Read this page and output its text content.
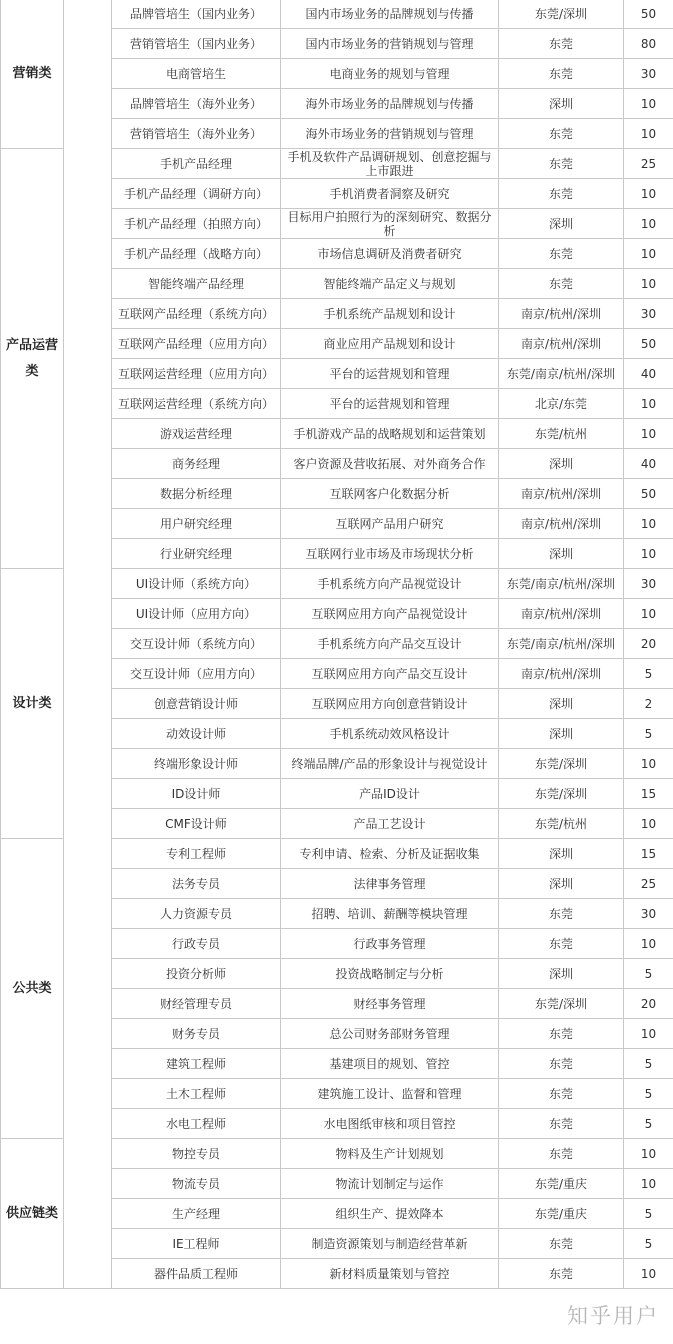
营销类		品牌管培生（国内业务）	国内市场业务的品牌规划与传播	东莞/深圳	50
		营销管培生（国内业务）	国内市场业务的营销规划与管理	东莞	80
		电商管培生	电商业务的规划与管理	东莞	30
		品牌管培生（海外业务）	海外市场业务的品牌规划与传播	深圳	10
		营销管培生（海外业务）	海外市场业务的营销规划与管理	东莞	10
产品运营类		手机产品经理	手机及软件产品调研规划、创意挖掘与上市跟进	东莞	25
		手机产品经理（调研方向）	手机消费者洞察及研究	东莞	10
		手机产品经理（拍照方向）	目标用户拍照行为的深刻研究、数据分析	深圳	10
		手机产品经理（战略方向）	市场信息调研及消费者研究	东莞	10
		智能终端产品经理	智能终端产品定义与规划	东莞	10
		互联网产品经理（系统方向）	手机系统产品规划和设计	南京/杭州/深圳	30
		互联网产品经理（应用方向）	商业应用产品规划和设计	南京/杭州/深圳	50
		互联网运营经理（应用方向）	平台的运营规划和管理	东莞/南京/杭州/深圳	40
		互联网运营经理（系统方向）	平台的运营规划和管理	北京/东莞	10
		游戏运营经理	手机游戏产品的战略规划和运营策划	东莞/杭州	10
		商务经理	客户资源及营收拓展、对外商务合作	深圳	40
		数据分析经理	互联网客户化数据分析	南京/杭州/深圳	50
		用户研究经理	互联网产品用户研究	南京/杭州/深圳	10
		行业研究经理	互联网行业市场及市场现状分析	深圳	10
设计类		UI设计师（系统方向）	手机系统方向产品视觉设计	东莞/南京/杭州/深圳	30
		UI设计师（应用方向）	互联网应用方向产品视觉设计	南京/杭州/深圳	10
		交互设计师（系统方向）	手机系统方向产品交互设计	东莞/南京/杭州/深圳	20
		交互设计师（应用方向）	互联网应用方向产品交互设计	南京/杭州/深圳	5
		创意营销设计师	互联网应用方向创意营销设计	深圳	2
		动效设计师	手机系统动效风格设计	深圳	5
		终端形象设计师	终端品牌/产品的形象设计与视觉设计	东莞/深圳	10
		ID设计师	产品ID设计	东莞/深圳	15
		CMF设计师	产品工艺设计	东莞/杭州	10
公共类		专利工程师	专利申请、检索、分析及证据收集	深圳	15
		法务专员	法律事务管理	深圳	25
		人力资源专员	招聘、培训、薪酬等模块管理	东莞	30
		行政专员	行政事务管理	东莞	10
		投资分析师	投资战略制定与分析	深圳	5
		财经管理专员	财经事务管理	东莞/深圳	20
		财务专员	总公司财务部财务管理	东莞	10
		建筑工程师	基建项目的规划、管控	东莞	5
		土木工程师	建筑施工设计、监督和管理	东莞	5
		水电工程师	水电图纸审核和项目管控	东莞	5
供应链类		物控专员	物料及生产计划规划	东莞	10
		物流专员	物流计划制定与运作	东莞/重庆	10
		生产经理	组织生产、提效降本	东莞/重庆	5
		IE工程师	制造资源策划与制造经营革新	东莞	5
		器件品质工程师	新材料质量策划与管控	东莞	10
知乎用户
